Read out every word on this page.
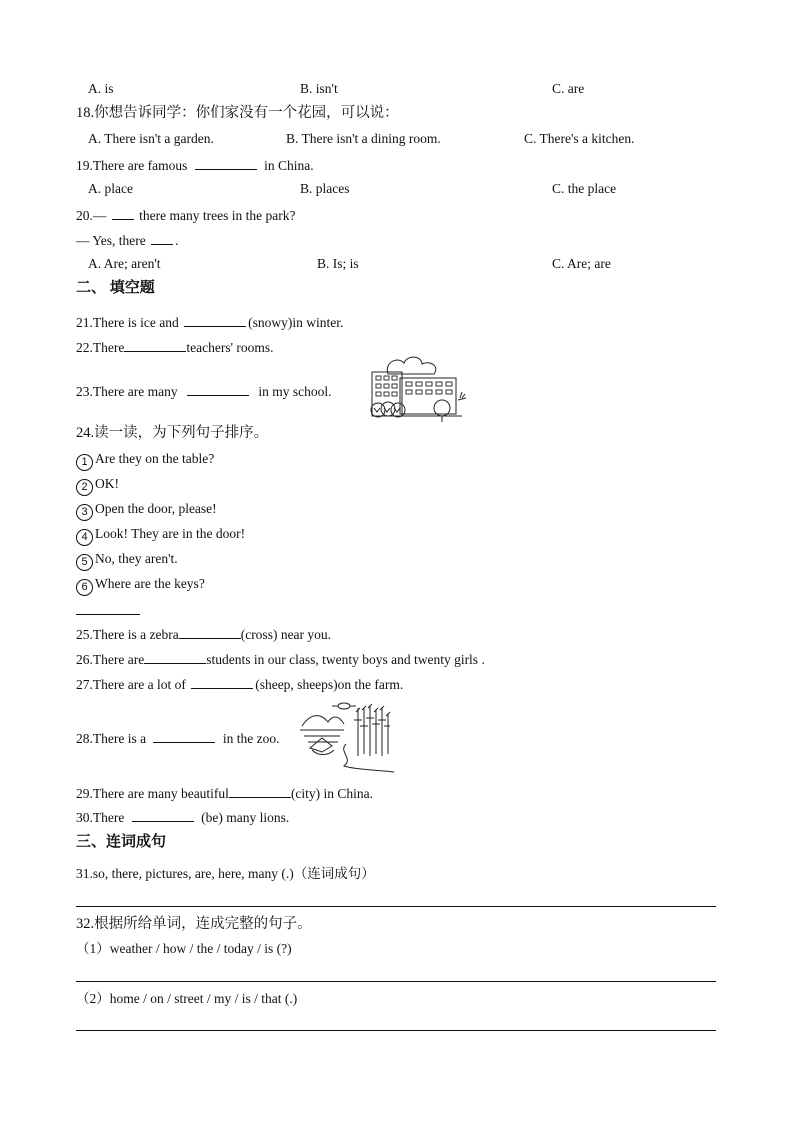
A. is	B. isn't	C. are
18.你想告诉同学：你们家没有一个花园，可以说：
A. There isn't a garden.	B. There isn't a dining room.	C. There's a kitchen.
19.There are famous	in China.
A. place	B. places	C. the place
20.— there many trees in the park?
— Yes, there .
A. Are; aren't	B. Is; is	C. Are; are
二、 填空题
21.There is ice and	(snowy)in winter.
22.There	teachers' rooms.
23.There are many	in my school.
24.读一读，为下列句子排序。
1 Are they on the table?
2 OK!
3 Open the door, please!
4 Look! They are in the door!
5 No, they aren't.
6 Where are the keys?
25.There is a zebra	(cross) near you.
26.There are	students in our class, twenty boys and twenty girls .
27.There are a lot of	(sheep, sheeps)on the farm.
28.There is a	in the zoo.
29.There are many beautiful	(city) in China.
30.There	(be) many lions.
三、连词成句
31.so, there, pictures, are, here, many (.)（连词成句）
32.根据所给单词，连成完整的句子。
（1）weather / how / the / today / is (?)
（2）home / on / street / my / is / that (.)
